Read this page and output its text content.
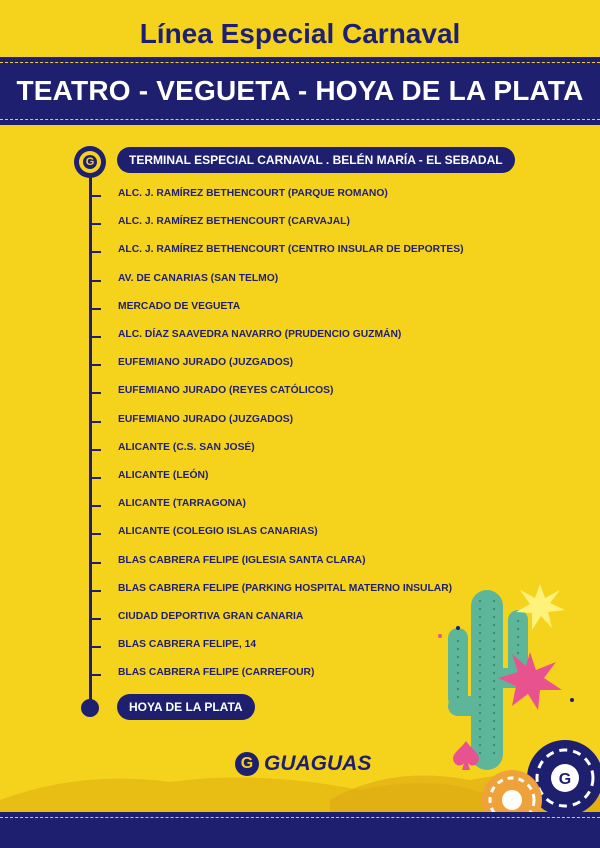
Línea Especial Carnaval
TEATRO - VEGUETA - HOYA DE LA PLATA
G	TERMINAL ESPECIAL CARNAVAL . BELÉN MARÍA - EL SEBADAL
ALC. J. RAMÍREZ BETHENCOURT (PARQUE ROMANO)
ALC. J. RAMÍREZ BETHENCOURT (CARVAJAL)
ALC. J. RAMÍREZ BETHENCOURT (CENTRO INSULAR DE DEPORTES)
AV. DE CANARIAS (SAN TELMO)
MERCADO DE VEGUETA
ALC. DÍAZ SAAVEDRA NAVARRO (PRUDENCIO GUZMÁN)
EUFEMIANO JURADO (JUZGADOS)
EUFEMIANO JURADO (REYES CATÓLICOS)
EUFEMIANO JURADO (JUZGADOS)
ALICANTE (C.S. SAN JOSÉ)
ALICANTE (LEÓN)
ALICANTE (TARRAGONA)
ALICANTE (COLEGIO ISLAS CANARIAS)
BLAS CABRERA FELIPE (IGLESIA SANTA CLARA)
BLAS CABRERA FELIPE (PARKING HOSPITAL MATERNO INSULAR)
CIUDAD DEPORTIVA GRAN CANARIA
BLAS CABRERA FELIPE, 14
BLAS CABRERA FELIPE (CARREFOUR)
HOYA DE LA PLATA
G
G GUAGUAS
